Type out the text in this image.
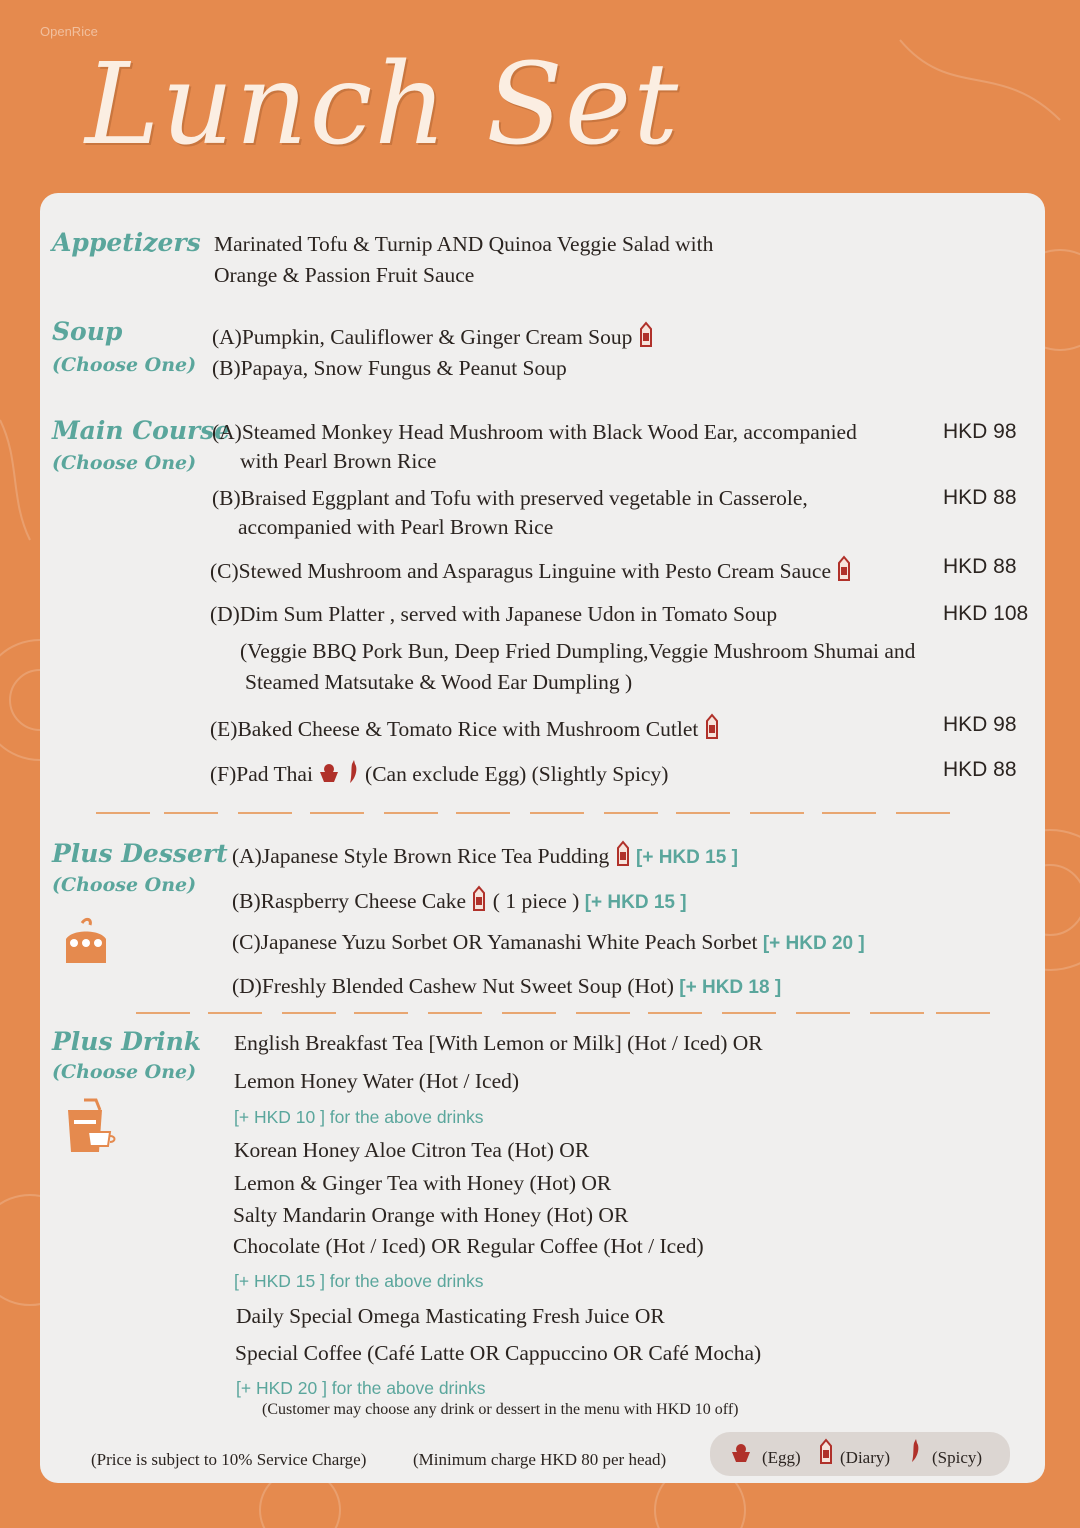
Lunch Set
Appetizers Marinated Tofu & Turnip AND Quinoa Veggie Salad with
Orange & Passion Fruit Sauce
Soup
(Choose One)
(A)Pumpkin, Cauliflower & Ginger Cream Soup
(B)Papaya, Snow Fungus & Peanut Soup
Main Course
(Choose One)
(A)Steamed Monkey Head Mushroom with Black Wood Ear, accompanied
with Pearl Brown Rice
HKD 98
(B)Braised Eggplant and Tofu with preserved vegetable in Casserole,
accompanied with Pearl Brown Rice
HKD 88
(C)Stewed Mushroom and Asparagus Linguine with Pesto Cream Sauce	HKD 88
(D)Dim Sum Platter , served with Japanese Udon in Tomato Soup	HKD 108
(Veggie BBQ Pork Bun, Deep Fried Dumpling,Veggie Mushroom Shumai and
Steamed Matsutake & Wood Ear Dumpling )
(E)Baked Cheese & Tomato Rice with Mushroom Cutlet	HKD 98
(F)Pad Thai (Can exclude Egg) (Slightly Spicy)	HKD 88
Plus Dessert
(Choose One)
(A)Japanese Style Brown Rice Tea Pudding [+ HKD 15 ]
(B)Raspberry Cheese Cake ( 1 piece ) [+ HKD 15 ]
(C)Japanese Yuzu Sorbet OR Yamanashi White Peach Sorbet [+ HKD 20 ]
(D)Freshly Blended Cashew Nut Sweet Soup (Hot) [+ HKD 18 ]
Plus Drink
(Choose One)
English Breakfast Tea [With Lemon or Milk] (Hot / Iced) OR
Lemon Honey Water (Hot / Iced)
[+ HKD 10 ] for the above drinks
Korean Honey Aloe Citron Tea (Hot) OR
Lemon & Ginger Tea with Honey (Hot) OR
Salty Mandarin Orange with Honey (Hot) OR
Chocolate (Hot / Iced) OR Regular Coffee (Hot / Iced)
[+ HKD 15 ] for the above drinks
Daily Special Omega Masticating Fresh Juice OR
Special Coffee (Café Latte OR Cappuccino OR Café Mocha)
[+ HKD 20 ] for the above drinks
(Customer may choose any drink or dessert in the menu with HKD 10 off)
(Price is subject to 10% Service Charge)	(Minimum charge HKD 80 per head)	(Egg) (Diary) (Spicy)
OpenRice
